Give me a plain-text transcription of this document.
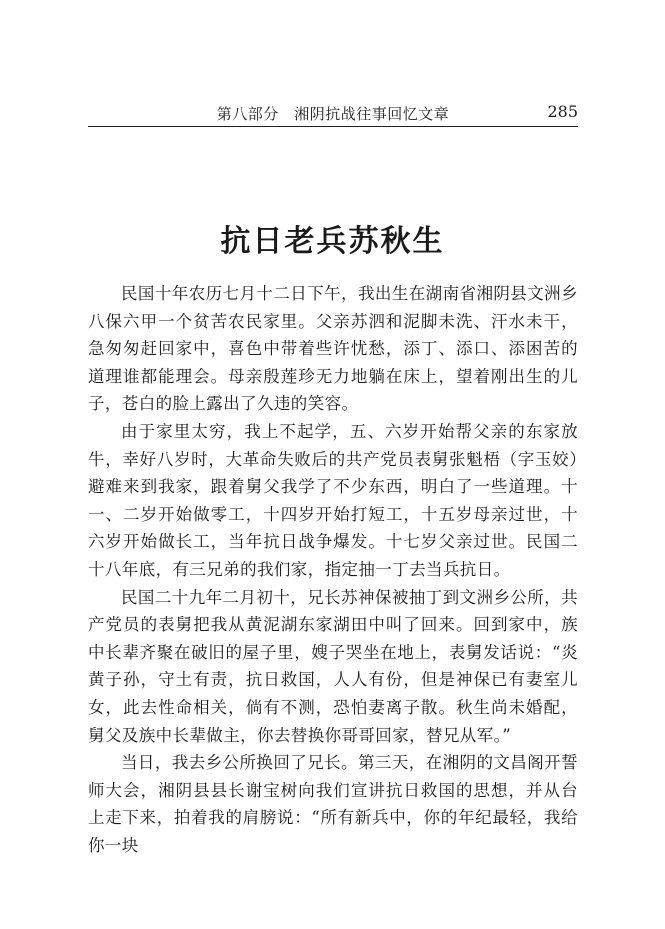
第八部分　湘阴抗战往事回忆文章	285
抗日老兵苏秋生

民国十年农历七月十二日下午，我出生在湖南省湘阴县文洲乡八保六甲一个贫苦农民家里。父亲苏泗和泥脚未洗、汗水未干，急匆匆赶回家中，喜色中带着些许忧愁，添丁、添口、添困苦的道理谁都能理会。母亲殷莲珍无力地躺在床上，望着刚出生的儿子，苍白的脸上露出了久违的笑容。

由于家里太穷，我上不起学，五、六岁开始帮父亲的东家放牛，幸好八岁时，大革命失败后的共产党员表舅张魁梧（字玉姣）避难来到我家，跟着舅父我学了不少东西，明白了一些道理。十一、二岁开始做零工，十四岁开始打短工，十五岁母亲过世，十六岁开始做长工，当年抗日战争爆发。十七岁父亲过世。民国二十八年底，有三兄弟的我们家，指定抽一丁去当兵抗日。

民国二十九年二月初十，兄长苏神保被抽丁到文洲乡公所，共产党员的表舅把我从黄泥湖东家湖田中叫了回来。回到家中，族中长辈齐聚在破旧的屋子里，嫂子哭坐在地上，表舅发话说：“炎黄子孙，守土有责，抗日救国，人人有份，但是神保已有妻室儿女，此去性命相关，倘有不测，恐怕妻离子散。秋生尚未婚配，舅父及族中长辈做主，你去替换你哥哥回家，替兄从军。”

当日，我去乡公所换回了兄长。第三天，在湘阴的文昌阁开誓师大会，湘阴县县长谢宝树向我们宣讲抗日救国的思想，并从台上走下来，拍着我的肩膀说：“所有新兵中，你的年纪最轻，我给你一块
